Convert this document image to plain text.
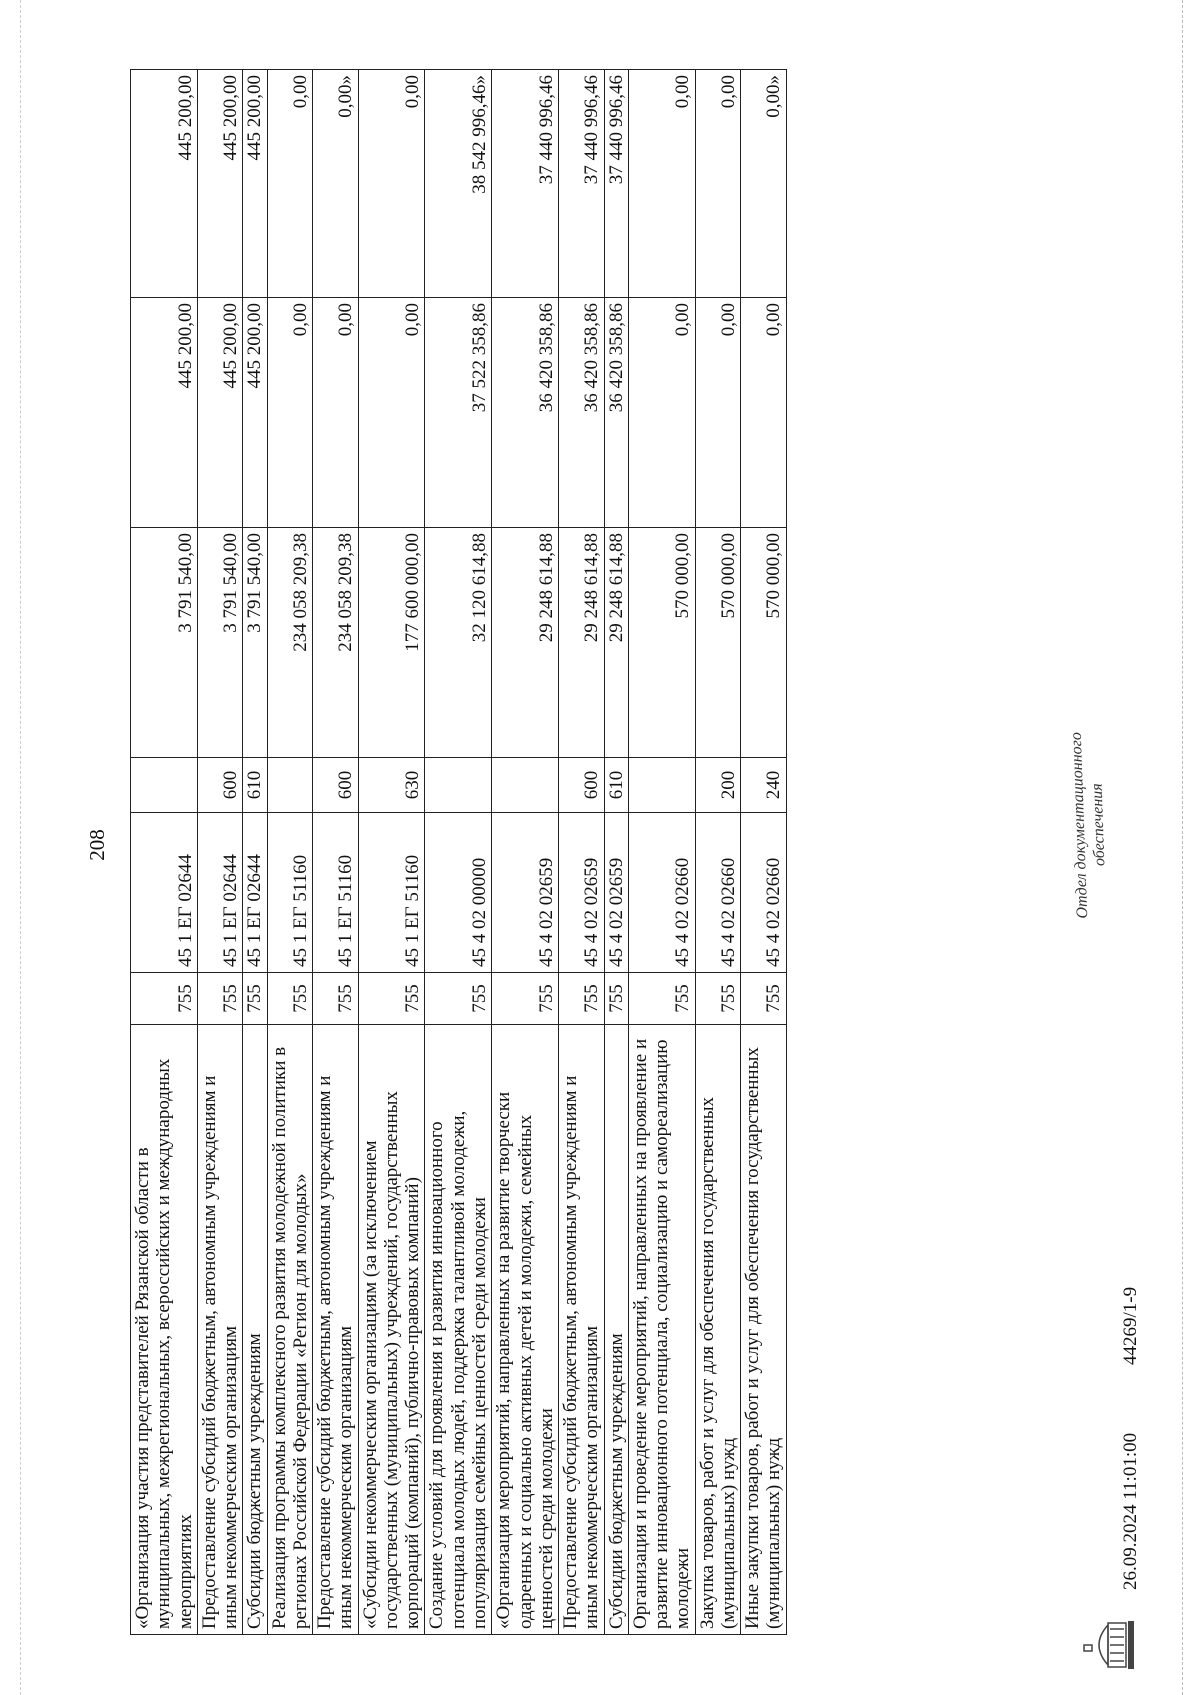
208
«Организация участия представителей Рязанской области в муниципальных, межрегиональных, всероссийских и международных мероприятиях	755	45 1 ЕГ 02644		3 791 540,00	445 200,00	445 200,00
Предоставление субсидий бюджетным, автономным учреждениям и иным некоммерческим организациям	755	45 1 ЕГ 02644	600	3 791 540,00	445 200,00	445 200,00
Субсидии бюджетным учреждениям	755	45 1 ЕГ 02644	610	3 791 540,00	445 200,00	445 200,00
Реализация программы комплексного развития молодежной политики в регионах Российской Федерации «Регион для молодых»	755	45 1 ЕГ 51160		234 058 209,38	0,00	0,00
Предоставление субсидий бюджетным, автономным учреждениям и иным некоммерческим организациям	755	45 1 ЕГ 51160	600	234 058 209,38	0,00	0,00»
«Субсидии некоммерческим организациям (за исключением государственных (муниципальных) учреждений, государственных корпораций (компаний), публично-правовых компаний)	755	45 1 ЕГ 51160	630	177 600 000,00	0,00	0,00
Создание условий для проявления и развития инновационного потенциала молодых людей, поддержка талантливой молодежи, популяризация семейных ценностей среди молодежи	755	45 4 02 00000		32 120 614,88	37 522 358,86	38 542 996,46»
«Организация мероприятий, направленных на развитие творчески одаренных и социально активных детей и молодежи, семейных ценностей среди молодежи	755	45 4 02 02659		29 248 614,88	36 420 358,86	37 440 996,46
Предоставление субсидий бюджетным, автономным учреждениям и иным некоммерческим организациям	755	45 4 02 02659	600	29 248 614,88	36 420 358,86	37 440 996,46
Субсидии бюджетным учреждениям	755	45 4 02 02659	610	29 248 614,88	36 420 358,86	37 440 996,46
Организация и проведение мероприятий, направленных на проявление и развитие инновационного потенциала, социализацию и самореализацию молодежи	755	45 4 02 02660		570 000,00	0,00	0,00
Закупка товаров, работ и услуг для обеспечения государственных (муниципальных) нужд	755	45 4 02 02660	200	570 000,00	0,00	0,00
Иные закупки товаров, работ и услуг для обеспечения государственных (муниципальных) нужд	755	45 4 02 02660	240	570 000,00	0,00	0,00»
26.09.2024 11:01:00
44269/1-9
Отдел документационного
обеспечения
